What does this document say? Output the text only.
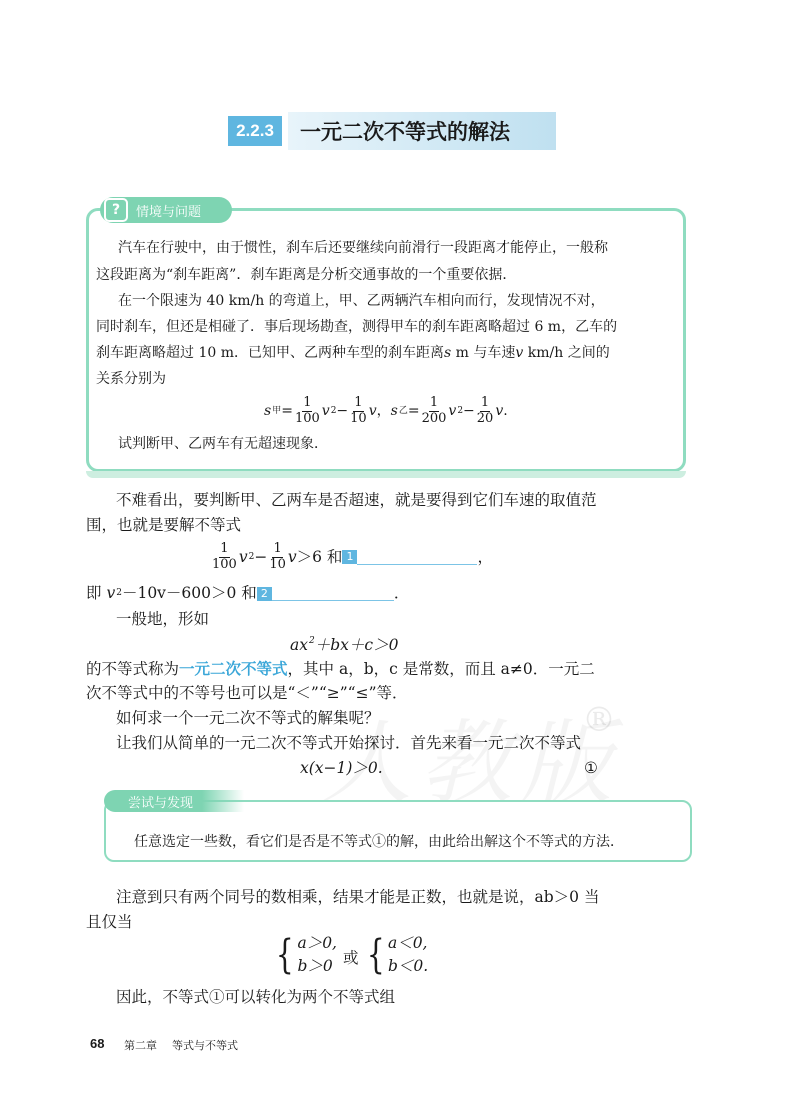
®
2.2.3	一元二次不等式的解法
?	情境与问题
汽车在行驶中，由于惯性，刹车后还要继续向前滑行一段距离才能停止，一般称
这段距离为“刹车距离”．刹车距离是分析交通事故的一个重要依据．
在一个限速为 40 km/h 的弯道上，甲、乙两辆汽车相向而行，发现情况不对，
同时刹车，但还是相碰了．事后现场勘查，测得甲车的刹车距离略超过 6 m，乙车的
刹车距离略超过 10 m．已知甲、乙两种车型的刹车距离s m 与车速v km/h 之间的
关系分别为
s 甲 = $\frac{1}{100}$ v $2 - \frac{1}{10}$ v ， s 乙 = $\frac{1}{200}$ v $2 - \frac{1}{20}$ v .
试判断甲、乙两车有无超速现象．
不难看出，要判断甲、乙两车是否超速，就是要得到它们车速的取值范
围，也就是要解不等式
$\frac{1}{100}$ v $2 - \frac{1}{10}$ v ＞6 和 1	，
即
v 2 －10v－600＞0 和 2	．
一般地，形如
$ax^2+bx+c>0$
的不等式称为一元二次不等式，其中 a，b，c 是常数，而且 a≠0．一元二
次不等式中的不等号也可以是“＜”“≥”“≤”等．
如何求一个一元二次不等式的解集呢？
让我们从简单的一元二次不等式开始探讨．首先来看一元二次不等式
x(x−1)＞0.	①
尝试与发现
任意选定一些数，看它们是否是不等式①的解，由此给出解这个不等式的方法．
注意到只有两个同号的数相乘，结果才能是正数，也就是说，ab＞0 当
且仅当
{ a＞0,
b＞0 或 { a＜0,
b＜0.
因此，不等式①可以转化为两个不等式组
68 第二章 等式与不等式
